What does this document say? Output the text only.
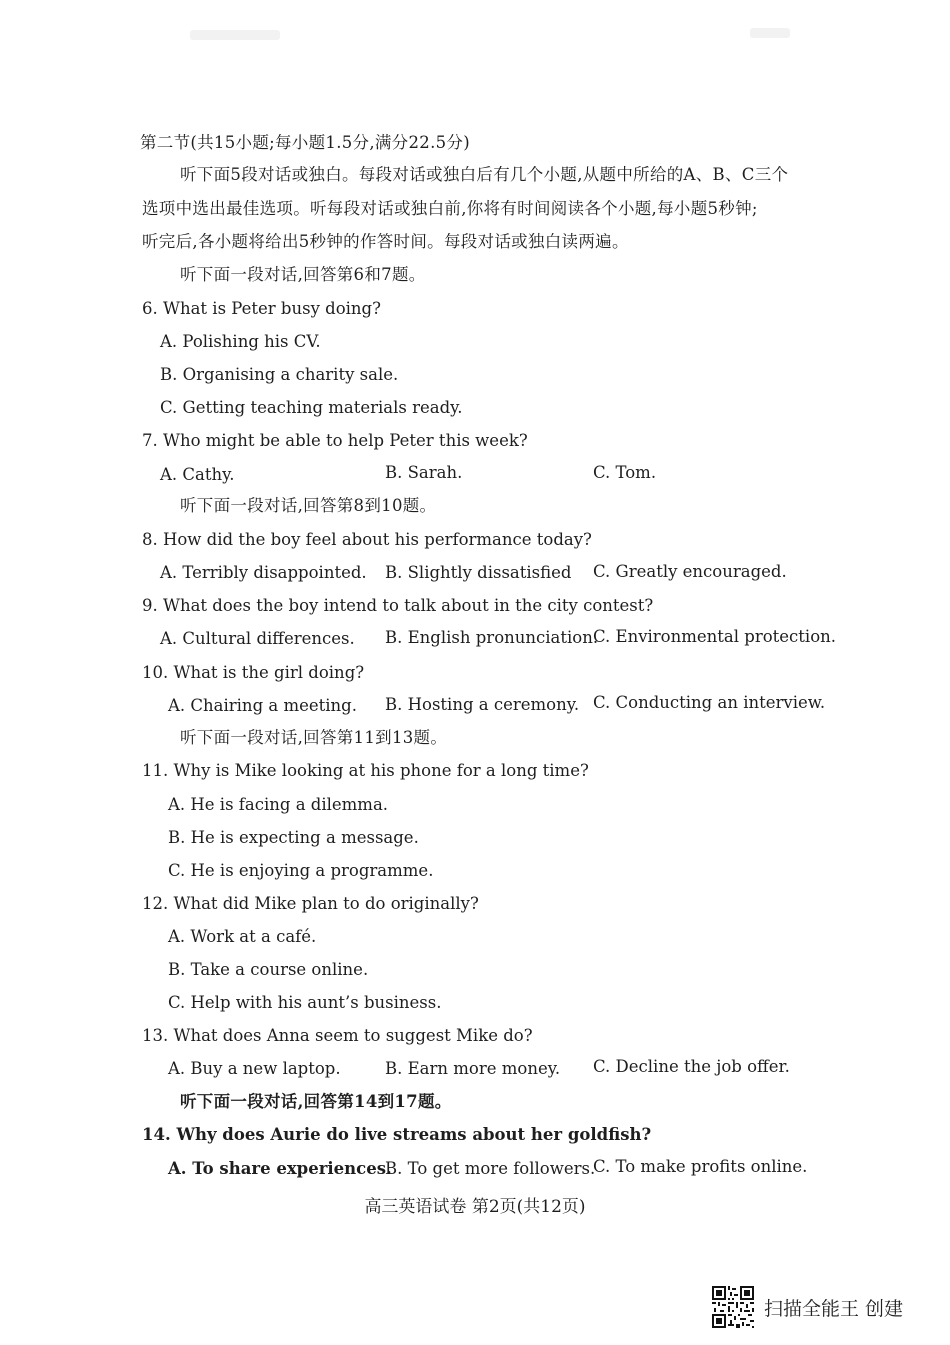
第二节(共15小题;每小题1.5分,满分22.5分)
听下面5段对话或独白。每段对话或独白后有几个小题,从题中所给的A、B、C三个
选项中选出最佳选项。听每段对话或独白前,你将有时间阅读各个小题,每小题5秒钟;
听完后,各小题将给出5秒钟的作答时间。每段对话或独白读两遍。
听下面一段对话,回答第6和7题。
6. What is Peter busy doing?
A. Polishing his CV.
B. Organising a charity sale.
C. Getting teaching materials ready.
7. Who might be able to help Peter this week?
A. Cathy.	B. Sarah.	C. Tom.
听下面一段对话,回答第8到10题。
8. How did the boy feel about his performance today?
A. Terribly disappointed. B. Slightly dissatisfied C. Greatly encouraged.
9. What does the boy intend to talk about in the city contest?
A. Cultural differences. B. English pronunciation.
C. Environmental protection.
10. What is the girl doing?
A. Chairing a meeting. B. Hosting a ceremony. C. Conducting an interview.
听下面一段对话,回答第11到13题。
11. Why is Mike looking at his phone for a long time?
A. He is facing a dilemma.
B. He is expecting a message.
C. He is enjoying a programme.
12. What did Mike plan to do originally?
A. Work at a café.
B. Take a course online.
C. Help with his aunt’s business.
13. What does Anna seem to suggest Mike do?
A. Buy a new laptop.	B. Earn more money. C. Decline the job offer.
听下面一段对话,回答第14到17题。
14. Why does Aurie do live streams about her goldfish?
A. To share experiences.
B. To get more followers.
C. To make profits online.
高三英语试卷 第2页(共12页)
扫描全能王 创建
